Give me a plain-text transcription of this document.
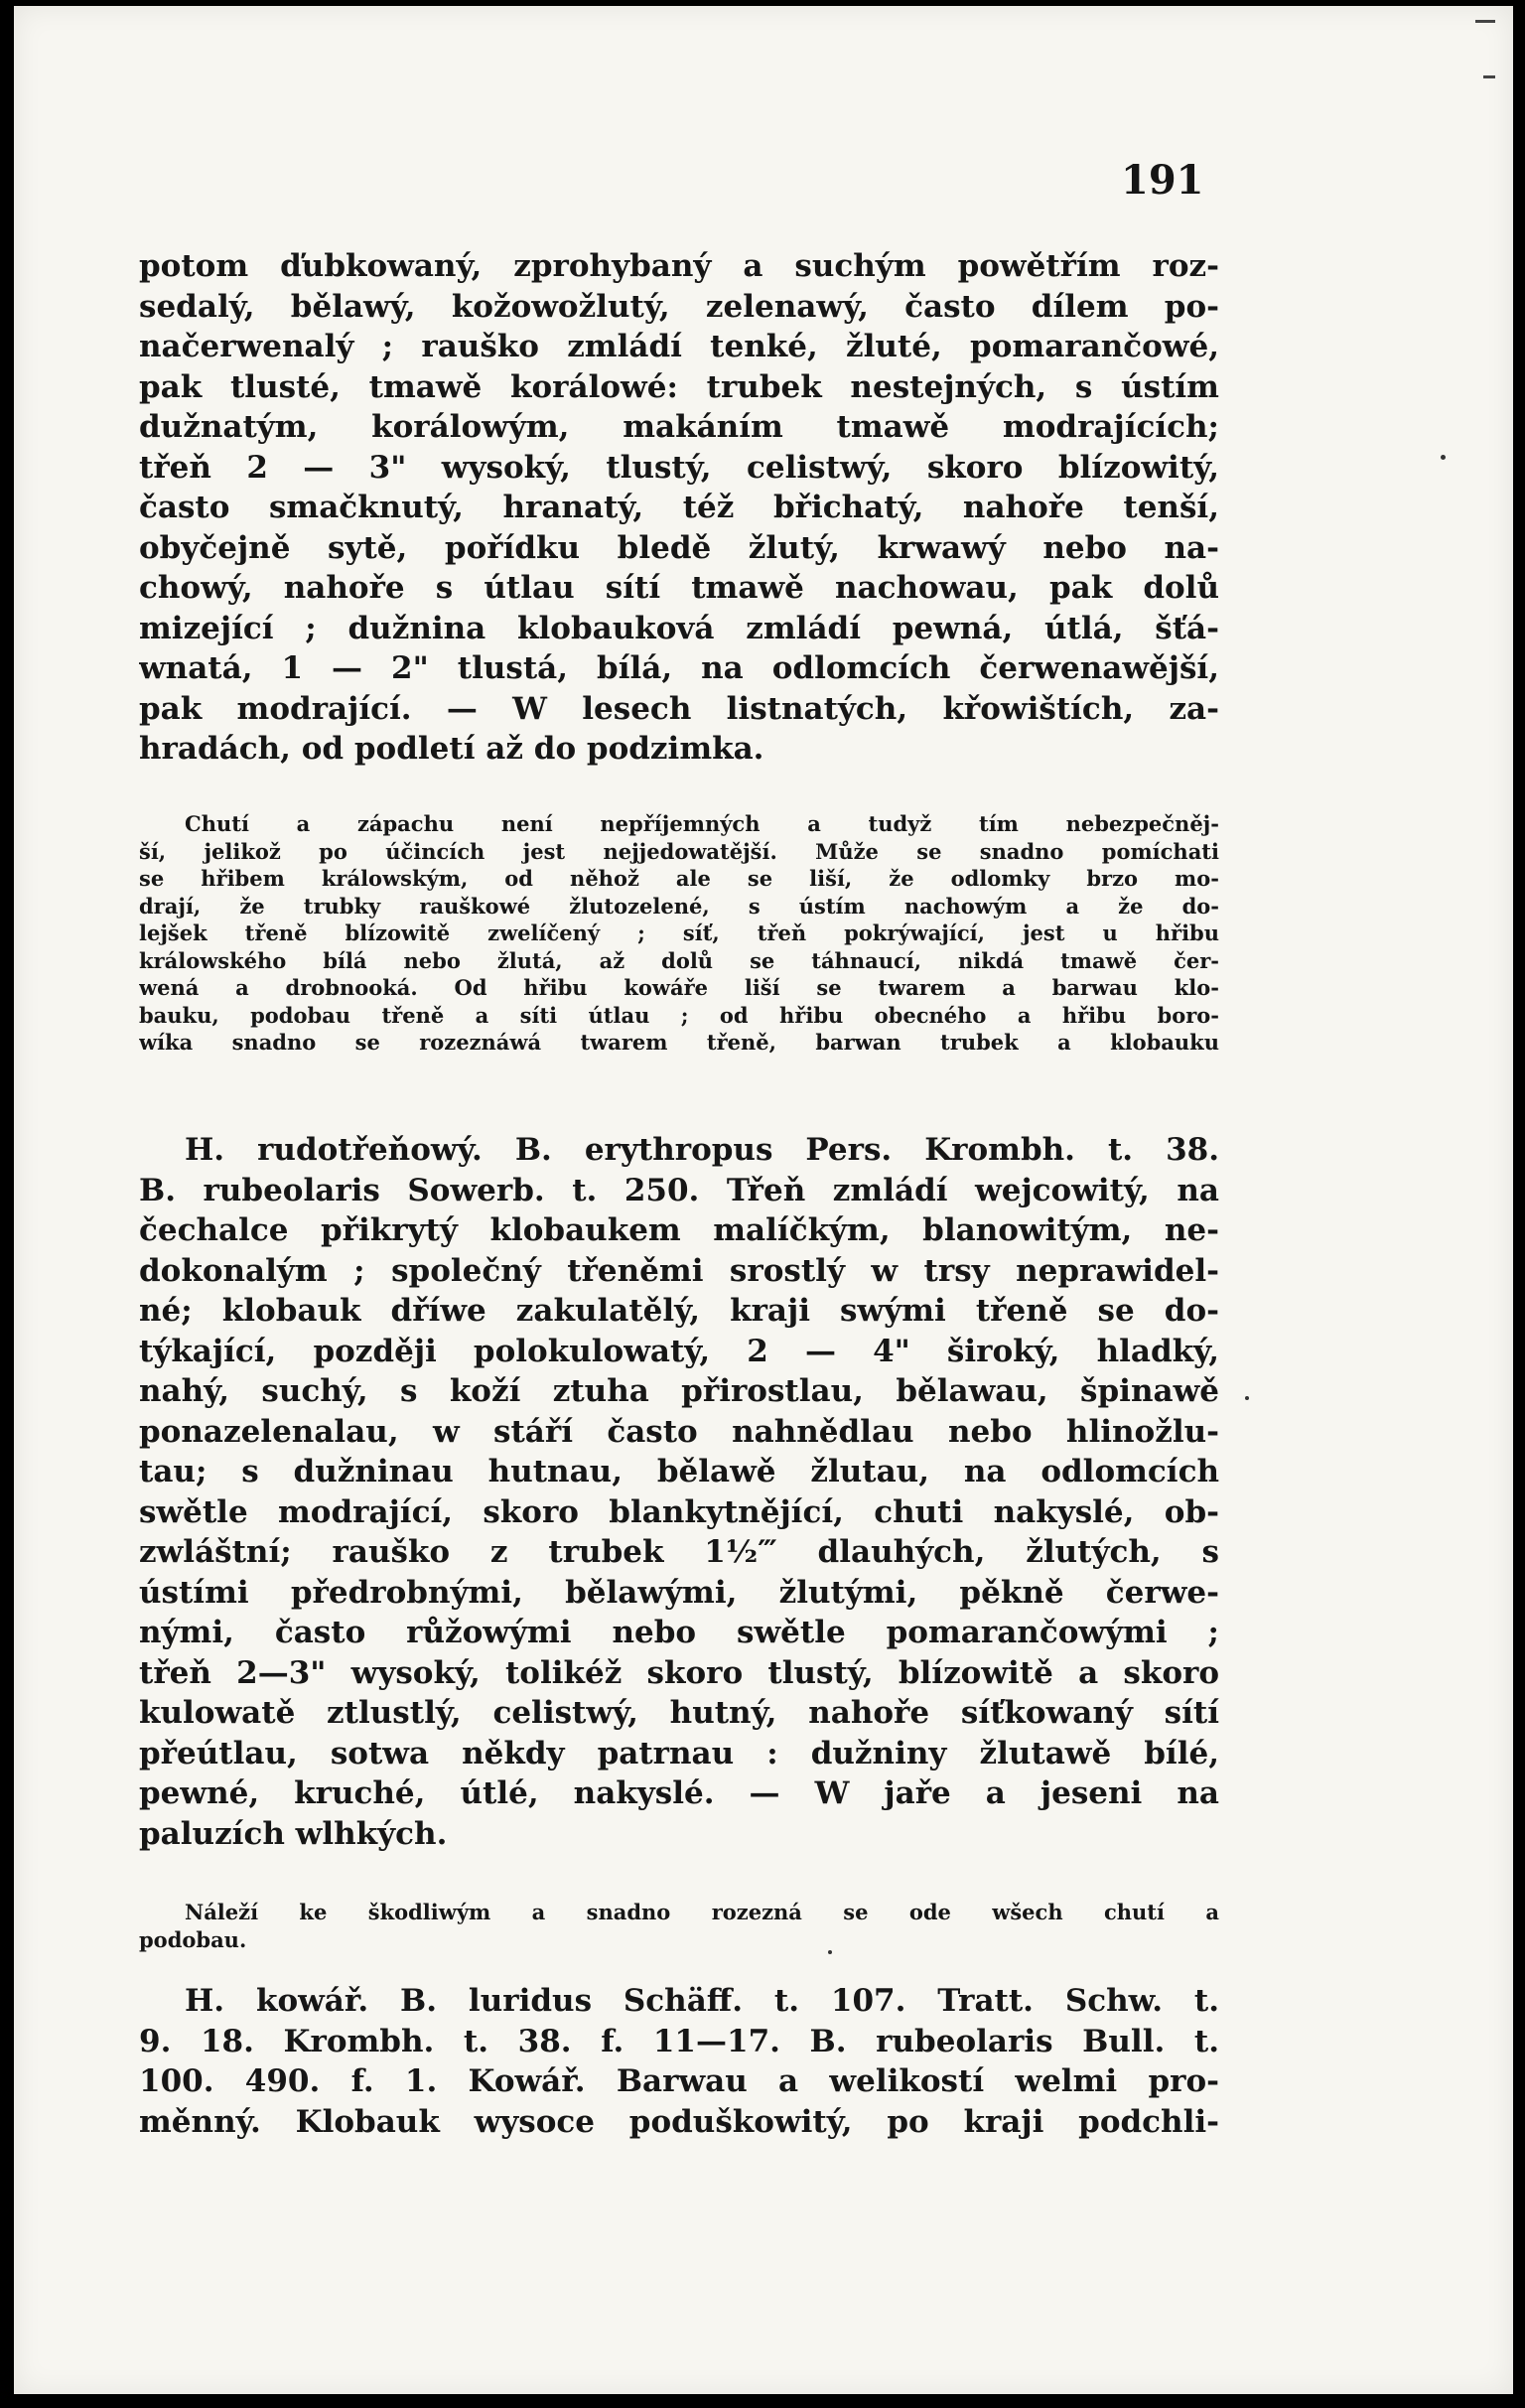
191
potom ďubkowaný, zprohybaný a suchým powětřím roz-
sedalý, bělawý, kožowožlutý, zelenawý, často dílem po-
načerwenalý ; rauško zmládí tenké, žluté, pomarančowé,
pak tlusté, tmawě korálowé: trubek nestejných, s ústím
dužnatým, korálowým, makáním tmawě modrajících;
třeň 2 — 3" wysoký, tlustý, celistwý, skoro blízowitý,
často smačknutý, hranatý, též břichatý, nahoře tenší,
obyčejně sytě, pořídku bledě žlutý, krwawý nebo na-
chowý, nahoře s útlau sítí tmawě nachowau, pak dolů
mizející ; dužnina klobauková zmládí pewná, útlá, šťá-
wnatá, 1 — 2" tlustá, bílá, na odlomcích čerwenawější,
pak modrající. — W lesech listnatých, křowištích, za-
hradách, od podletí až do podzimka.
Chutí a zápachu není nepříjemných a tudyž tím nebezpečněj-
ší, jelikož po účincích jest nejjedowatější. Může se snadno pomíchati
se hřibem králowským, od něhož ale se liší, že odlomky brzo mo-
drají, že trubky rauškowé žlutozelené, s ústím nachowým a že do-
lejšek třeně blízowitě zwelíčený ; síť, třeň pokrýwající, jest u hřibu
králowského bílá nebo žlutá, až dolů se táhnaucí, nikdá tmawě čer-
wená a drobnooká. Od hřibu kowáře liší se twarem a barwau klo-
bauku, podobau třeně a síti útlau ; od hřibu obecného a hřibu boro-
wíka snadno se rozeznáwá twarem třeně, barwan trubek a klobauku
H. rudotřeňowý. B. erythropus Pers. Krombh. t. 38.
B. rubeolaris Sowerb. t. 250. Třeň zmládí wejcowitý, na
čechalce přikrytý klobaukem malíčkým, blanowitým, ne-
dokonalým ; společný třeněmi srostlý w trsy neprawidel-
né; klobauk dříwe zakulatělý, kraji swými třeně se do-
týkající, později polokulowatý, 2 — 4" široký, hladký,
nahý, suchý, s koží ztuha přirostlau, bělawau, špinawě
ponazelenalau, w stáří často nahnědlau nebo hlinožlu-
tau; s dužninau hutnau, bělawě žlutau, na odlomcích
swětle modrající, skoro blankytnějící, chuti nakyslé, ob-
zwláštní; rauško z trubek 1½‴ dlauhých, žlutých, s
ústími předrobnými, bělawými, žlutými, pěkně čerwe-
nými, často růžowými nebo swětle pomarančowými ;
třeň 2—3" wysoký, tolikéž skoro tlustý, blízowitě a skoro
kulowatě ztlustlý, celistwý, hutný, nahoře síťkowaný sítí
přeútlau, sotwa někdy patrnau : dužniny žlutawě bílé,
pewné, kruché, útlé, nakyslé. — W jaře a jeseni na
paluzích wlhkých.
Náleží ke škodliwým a snadno rozezná se ode wšech chutí a
podobau.
H. kowář. B. luridus Schäff. t. 107. Tratt. Schw. t.
9. 18. Krombh. t. 38. f. 11—17. B. rubeolaris Bull. t.
100. 490. f. 1. Kowář. Barwau a welikostí welmi pro-
měnný. Klobauk wysoce poduškowitý, po kraji podchli-
